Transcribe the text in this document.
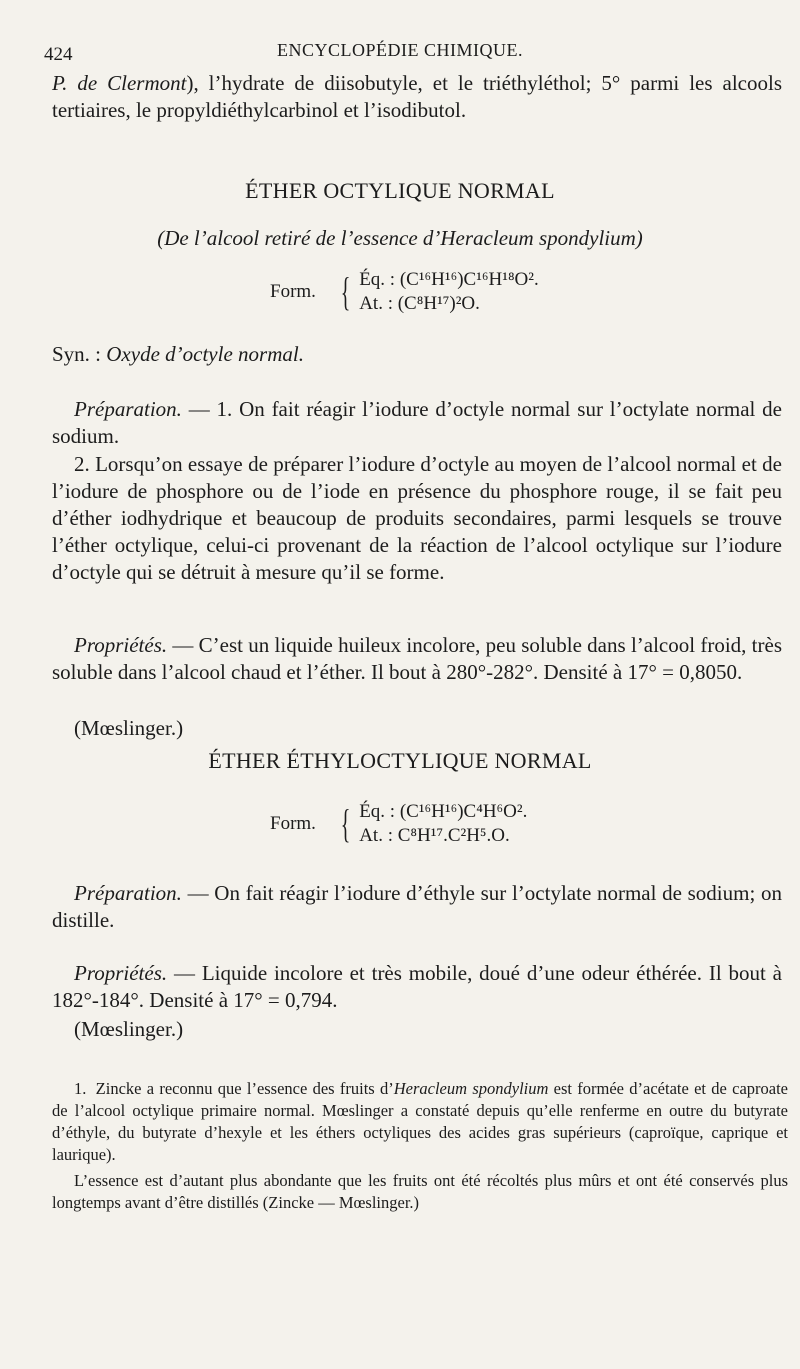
424	ENCYCLOPÉDIE CHIMIQUE.
P. de Clermont), l’hydrate de diisobutyle, et le triéthyléthol; 5° parmi les alcools tertiaires, le propyldiéthylcarbinol et l’isodibutol.
ÉTHER OCTYLIQUE NORMAL
(De l’alcool retiré de l’essence d’Heracleum spondylium)
Form. { Éq. : (C¹⁶H¹⁶)C¹⁶H¹⁸O².
At. : (C⁸H¹⁷)²O.
Syn. : Oxyde d’octyle normal.
Préparation. — 1. On fait réagir l’iodure d’octyle normal sur l’octylate normal de sodium.
2. Lorsqu’on essaye de préparer l’iodure d’octyle au moyen de l’alcool normal et de l’iodure de phosphore ou de l’iode en présence du phosphore rouge, il se fait peu d’éther iodhydrique et beaucoup de produits secondaires, parmi lesquels se trouve l’éther octylique, celui-ci provenant de la réaction de l’alcool octylique sur l’iodure d’octyle qui se détruit à mesure qu’il se forme.
Propriétés. — C’est un liquide huileux incolore, peu soluble dans l’alcool froid, très soluble dans l’alcool chaud et l’éther. Il bout à 280°-282°. Densité à 17° = 0,8050.
(Mœslinger.)
ÉTHER ÉTHYLOCTYLIQUE NORMAL
Form. { Éq. : (C¹⁶H¹⁶)C⁴H⁶O².
At. : C⁸H¹⁷.C²H⁵.O.
Préparation. — On fait réagir l’iodure d’éthyle sur l’octylate normal de sodium; on distille.
Propriétés. — Liquide incolore et très mobile, doué d’une odeur éthérée. Il bout à 182°-184°. Densité à 17° = 0,794.
(Mœslinger.)
1. Zincke a reconnu que l’essence des fruits d’Heracleum spondylium est formée d’acétate et de caproate de l’alcool octylique primaire normal. Mœslinger a constaté depuis qu’elle renferme en outre du butyrate d’éthyle, du butyrate d’hexyle et les éthers octyliques des acides gras supérieurs (caproïque, caprique et laurique).
L’essence est d’autant plus abondante que les fruits ont été récoltés plus mûrs et ont été conservés plus longtemps avant d’être distillés (Zincke — Mœslinger.)
